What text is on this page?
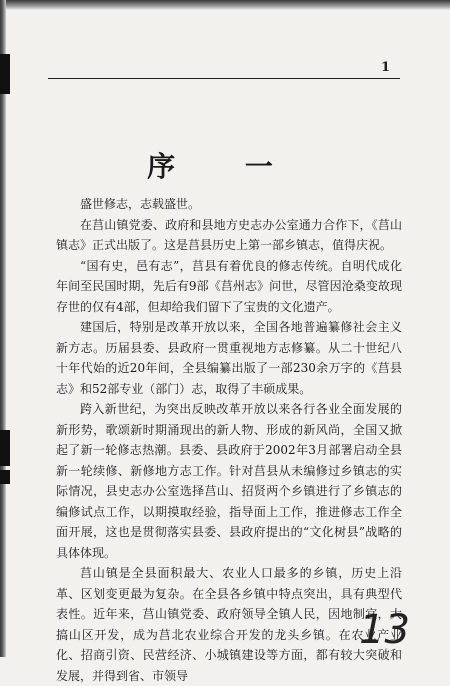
1
序 一

盛世修志，志载盛世。

在莒山镇党委、政府和县地方史志办公室通力合作下，《莒山镇志》正式出版了。这是莒县历史上第一部乡镇志，值得庆祝。

“国有史，邑有志”，莒县有着优良的修志传统。自明代成化年间至民国时期，先后有9部《莒州志》问世，尽管因沧桑变故现存世的仅有4部，但却给我们留下了宝贵的文化遗产。

建国后，特别是改革开放以来，全国各地普遍纂修社会主义新方志。历届县委、县政府一贯重视地方志修纂。从二十世纪八十年代始的近20年间，全县编纂出版了一部230余万字的《莒县志》和52部专业（部门）志，取得了丰硕成果。

跨入新世纪，为突出反映改革开放以来各行各业全面发展的新形势，歌颂新时期涌现出的新人物、形成的新风尚，全国又掀起了新一轮修志热潮。县委、县政府于2002年3月部署启动全县新一轮续修、新修地方志工作。针对莒县从未编修过乡镇志的实际情况，县史志办公室选择莒山、招贤两个乡镇进行了乡镇志的编修试点工作，以期摸取经验，指导面上工作，推进修志工作全面开展，这也是贯彻落实县委、县政府提出的“文化树县”战略的具体体现。

莒山镇是全县面积最大、农业人口最多的乡镇，历史上沿革、区划变更最为复杂。在全县各乡镇中特点突出，具有典型代表性。近年来，莒山镇党委、政府领导全镇人民，因地制宜，大搞山区开发，成为莒北农业综合开发的龙头乡镇。在农业产业化、招商引资、民营经济、小城镇建设等方面，都有较大突破和发展，并得到省、市领导

13
